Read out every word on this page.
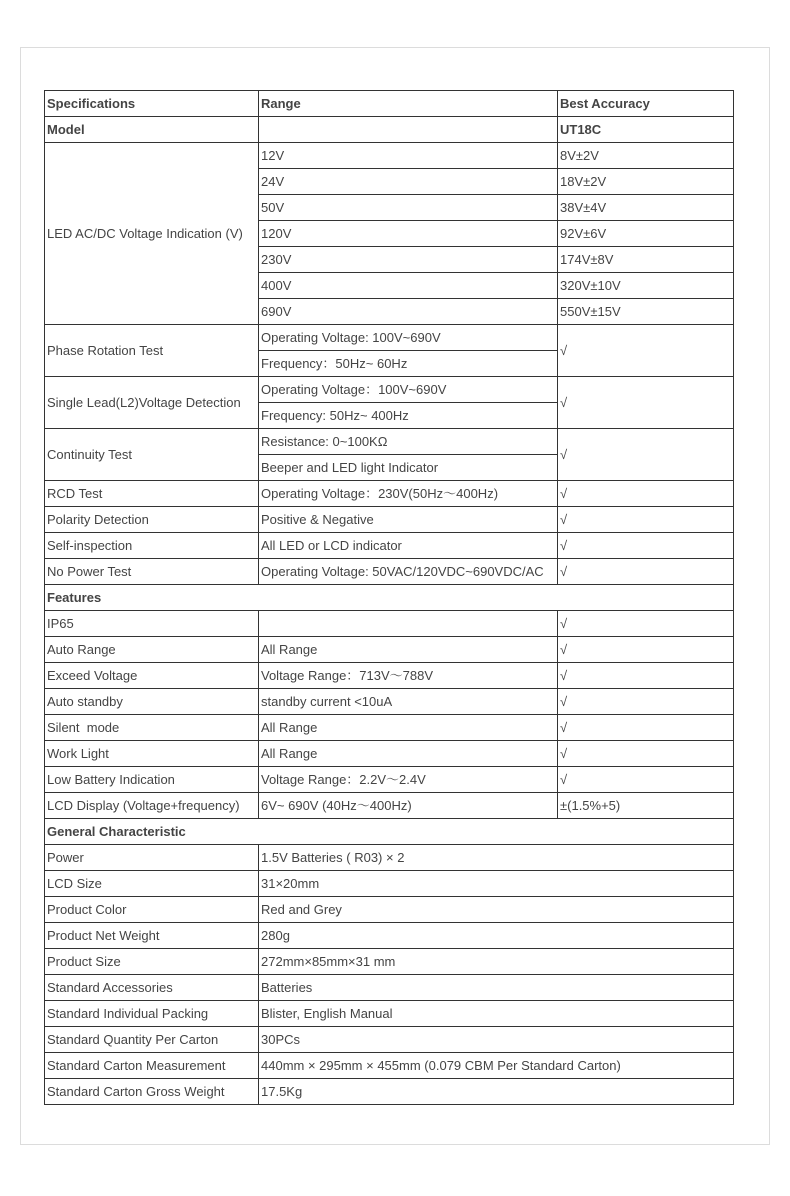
Specifications	Range	Best Accuracy
Model		UT18C
LED AC/DC Voltage Indication (V)	12V	8V±2V
	24V	18V±2V
	50V	38V±4V
	120V	92V±6V
	230V	174V±8V
	400V	320V±10V
	690V	550V±15V
Phase Rotation Test	Operating Voltage: 100V~690V	√
	Frequency：50Hz~ 60Hz	
Single Lead(L2)Voltage Detection	Operating Voltage：100V~690V	√
	Frequency: 50Hz~ 400Hz	
Continuity Test	Resistance: 0~100KΩ	√
	Beeper and LED light Indicator	
RCD Test	Operating Voltage：230V(50Hz～400Hz)	√
Polarity Detection	Positive & Negative	√
Self-inspection	All LED or LCD indicator	√
No Power Test	Operating Voltage: 50VAC/120VDC~690VDC/AC	√
Features		
IP65		√
Auto Range	All Range	√
Exceed Voltage	Voltage Range：713V～788V	√
Auto standby	standby current <10uA	√
Silent  mode	All Range	√
Work Light	All Range	√
Low Battery Indication	Voltage Range：2.2V～2.4V	√
LCD Display (Voltage+frequency)	6V~ 690V (40Hz～400Hz)	±(1.5%+5)
General Characteristic		
Power	1.5V Batteries ( R03) × 2	
LCD Size	31×20mm	
Product Color	Red and Grey	
Product Net Weight	280g	
Product Size	272mm×85mm×31 mm	
Standard Accessories	Batteries	
Standard Individual Packing	Blister, English Manual	
Standard Quantity Per Carton	30PCs	
Standard Carton Measurement	440mm × 295mm × 455mm (0.079 CBM Per Standard Carton)	
Standard Carton Gross Weight	17.5Kg	
